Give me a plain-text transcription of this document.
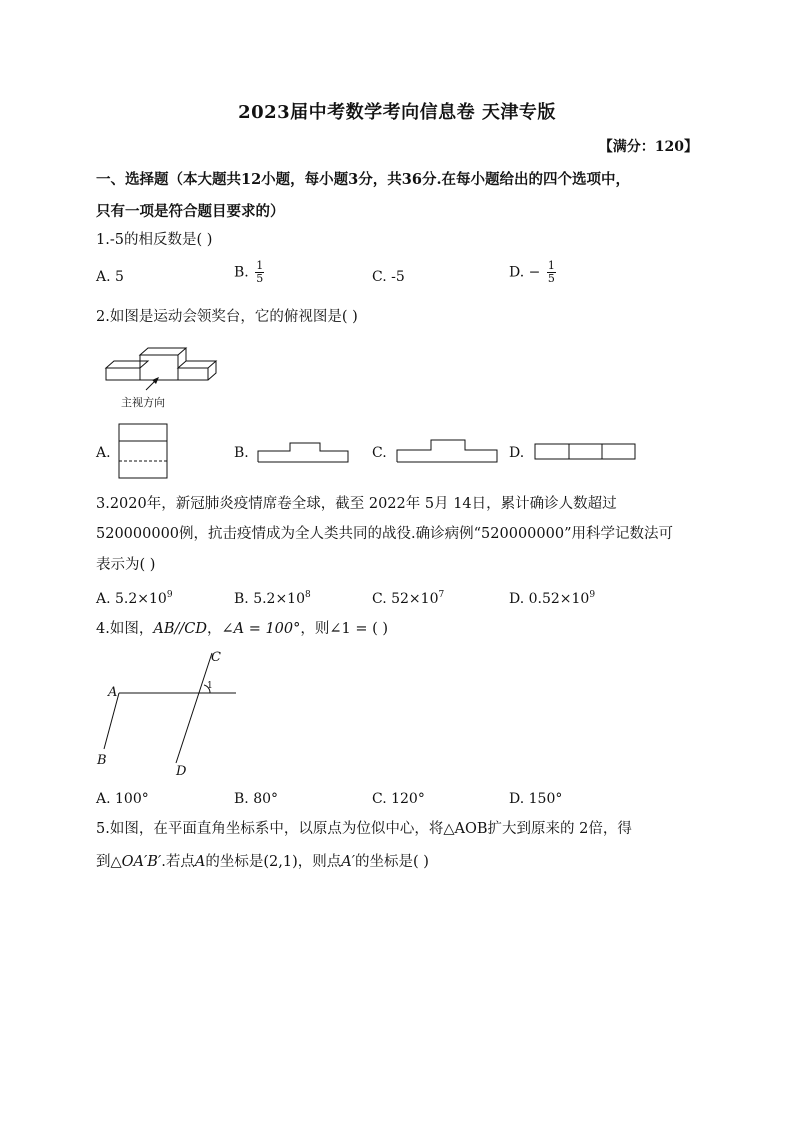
2023届中考数学考向信息卷 天津专版
【满分：120】
一、选择题（本大题共12小题，每小题3分，共36分.在每小题给出的四个选项中，
只有一项是符合题目要求的）
1.-5的相反数是( )
A. 5	B. $\frac{1}{5}$	C. -5	D. − $\frac{1}{5}$
2.如图是运动会领奖台，它的俯视图是( )
主视方向
A.	B.	C.	D.
3.2020年，新冠肺炎疫情席卷全球，截至 2022年 5月 14日，累计确诊人数超过
520000000例，抗击疫情成为全人类共同的战役.确诊病例“520000000”用科学记数法可
表示为( )
A. $5.2\times 10^9$	B. $5.2\times 10^8$	C. $52\times 10^7$	D. $0.52\times 10^9$
4.如图，AB//CD，∠A = 100°，则∠1 = ( )
A
B
C
D
1
A. 100°	B. 80°	C. 120°	D. 150°
5.如图，在平面直角坐标系中，以原点为位似中心，将△AOB扩大到原来的 2倍，得
到△OA′B′.若点A的坐标是(2,1)，则点A′的坐标是( )
